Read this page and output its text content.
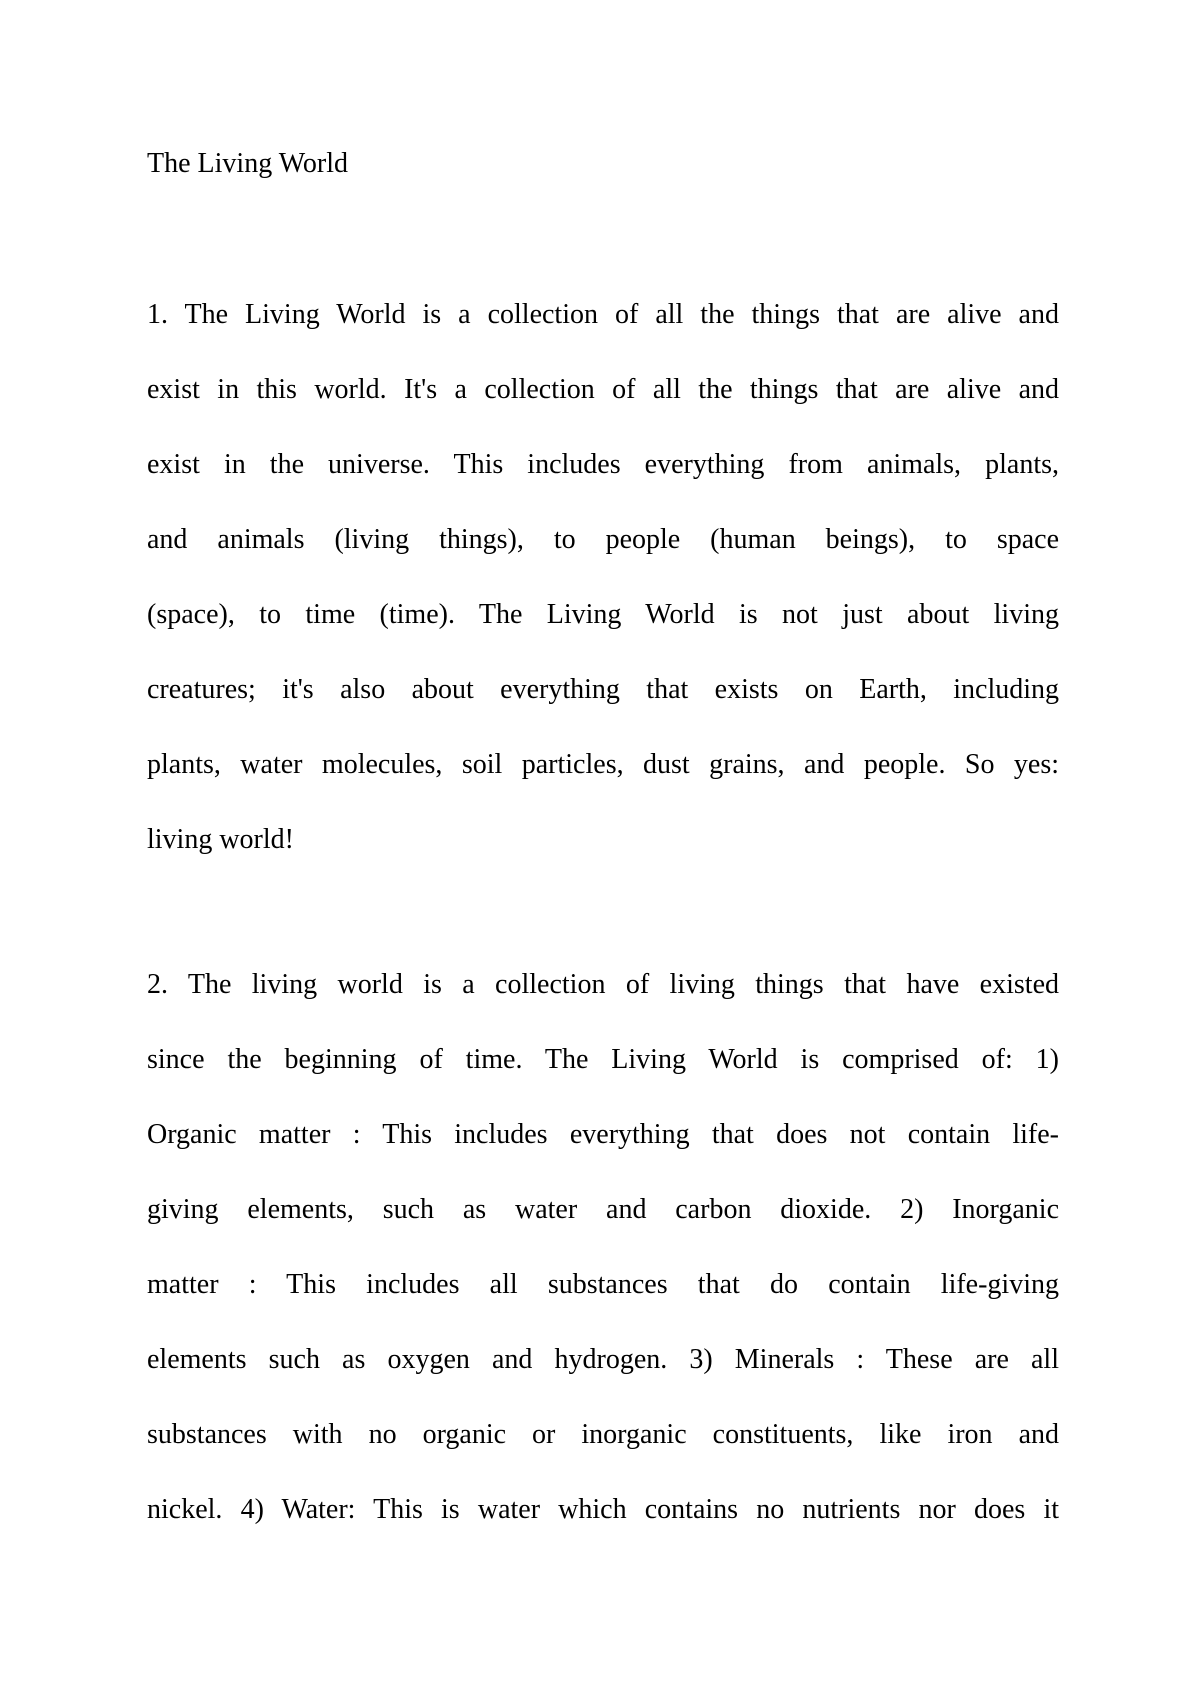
The Living World
1. The Living World is a collection of all the things that are alive and
exist in this world. It's a collection of all the things that are alive and
exist in the universe. This includes everything from animals, plants,
and animals (living things), to people (human beings), to space
(space), to time (time). The Living World is not just about living
creatures; it's also about everything that exists on Earth, including
plants, water molecules, soil particles, dust grains, and people. So yes:
living world!
2. The living world is a collection of living things that have existed
since the beginning of time. The Living World is comprised of: 1)
Organic matter : This includes everything that does not contain life-
giving elements, such as water and carbon dioxide. 2) Inorganic
matter : This includes all substances that do contain life-giving
elements such as oxygen and hydrogen. 3) Minerals : These are all
substances with no organic or inorganic constituents, like iron and
nickel. 4) Water: This is water which contains no nutrients nor does it
